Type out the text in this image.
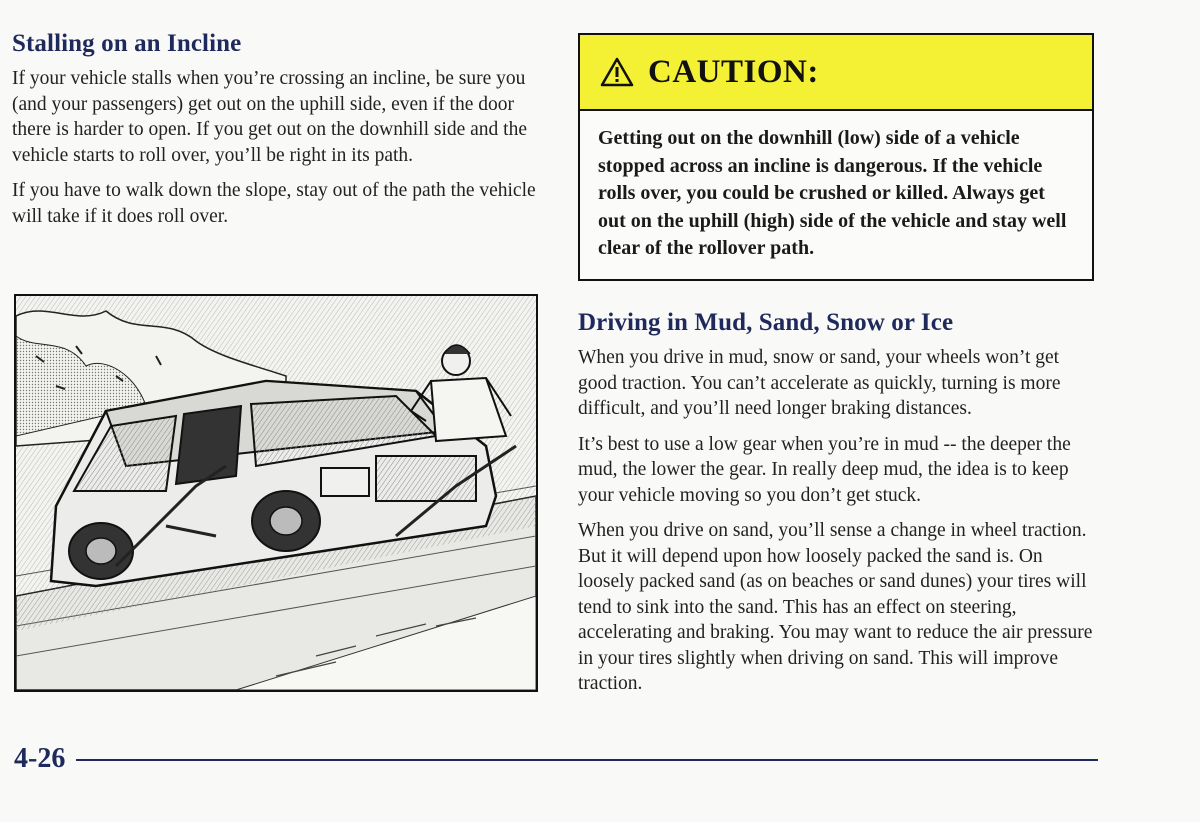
Stalling on an Incline

If your vehicle stalls when you’re crossing an incline, be sure you (and your passengers) get out on the uphill side, even if the door there is harder to open. If you get out on the downhill side and the vehicle starts to roll over, you’ll be right in its path.

If you have to walk down the slope, stay out of the path the vehicle will take if it does roll over.

CAUTION:
Getting out on the downhill (low) side of a vehicle stopped across an incline is dangerous. If the vehicle rolls over, you could be crushed or killed. Always get out on the uphill (high) side of the vehicle and stay well clear of the rollover path.
Driving in Mud, Sand, Snow or Ice

When you drive in mud, snow or sand, your wheels won’t get good traction. You can’t accelerate as quickly, turning is more difficult, and you’ll need longer braking distances.

It’s best to use a low gear when you’re in mud -- the deeper the mud, the lower the gear. In really deep mud, the idea is to keep your vehicle moving so you don’t get stuck.

When you drive on sand, you’ll sense a change in wheel traction. But it will depend upon how loosely packed the sand is. On loosely packed sand (as on beaches or sand dunes) your tires will tend to sink into the sand. This has an effect on steering, accelerating and braking. You may want to reduce the air pressure in your tires slightly when driving on sand. This will improve traction.

4-26
